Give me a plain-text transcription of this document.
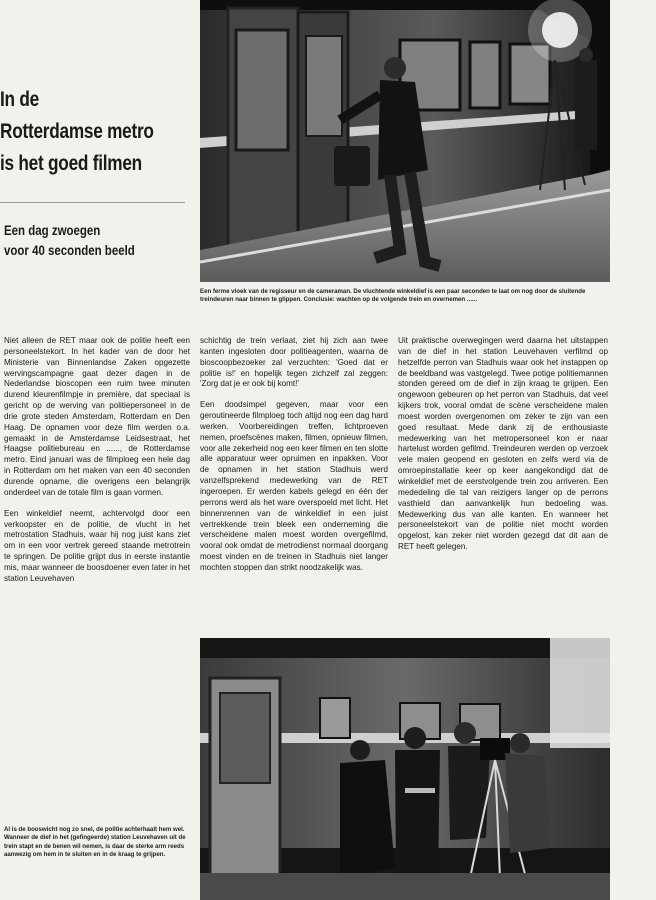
In de
Rotterdamse metro
is het goed filmen
Een dag zwoegen
voor 40 seconden beeld
Een ferme vloek van de regisseur en de cameraman. De vluchtende winkeldief is een paar seconden te laat om nog door de sluitende treindeuren naar binnen te glippen. Conclusie: wachten op de volgende trein en overnemen ......

Niet alleen de RET maar ook de politie heeft een personeelstekort. In het kader van de door het Ministerie van Binnenlandse Zaken opgezette wervingscampagne gaat dezer dagen in de Nederlandse bioscopen een ruim twee minuten durend kleurenfilmpje in première, dat speciaal is gericht op de werving van politiepersoneel in de drie grote steden Amsterdam, Rotterdam en Den Haag. De opnamen voor deze film werden o.a. gemaakt in de Amsterdamse Leidsestraat, het Haagse politiebureau en ......, de Rotterdamse metro. Eind januari was de filmploeg een hele dag in Rotterdam om het maken van een 40 seconden durende opname, die overigens een belangrijk onderdeel van de totale film is gaan vormen.

Een winkeldief neemt, achtervolgd door een verkoopster en de politie, de vlucht in het metrostation Stadhuis, waar hij nog juist kans ziet om in een voor vertrek gereed staande metrotrein te springen. De politie grijpt dus in eerste instantie mis, maar wanneer de boosdoener even later in het station Leuvehaven

schichtig de trein verlaat, ziet hij zich aan twee kanten ingesloten door politieagenten, waarna de bioscoopbezoeker zal verzuchten: 'Goed dat er politie is!' en hopelijk tegen zichzelf zal zeggen: 'Zorg dat je er ook bij komt!'

Een doodsimpel gegeven, maar voor een geroutineerde filmploeg toch altijd nog een dag hard werken. Voorbereidingen treffen, lichtproeven nemen, proefscènes maken, filmen, opnieuw filmen, voor alle zekerheid nog een keer filmen en ten slotte alle apparatuur weer opruimen en inpakken. Voor de opnamen in het station Stadhuis werd vanzelfsprekend medewerking van de RET ingeroepen. Er werden kabels gelegd en één der perrons werd als het ware overspoeld met licht. Het binnenrennen van de winkeldief in een juist vertrekkende trein bleek een onderneming die verscheidene malen moest worden overgefilmd, vooral ook omdat de metrodienst normaal doorgang moest vinden en de treinen in Stadhuis niet langer mochten stoppen dan strikt noodzakelijk was.

Uit praktische overwegingen werd daarna het uitstappen van de dief in het station Leuvehaven verfilmd op hetzelfde perron van Stadhuis waar ook het instappen op de beeldband was vastgelegd. Twee potige politiemannen stonden gereed om de dief in zijn kraag te grijpen. Een ongewoon gebeuren op het perron van Stadhuis, dat veel kijkers trok, vooral omdat de scène verscheidene malen moest worden overgenomen om zeker te zijn van een goed resultaat. Mede dank zij de enthousiaste medewerking van het metropersoneel kon er naar hartelust worden gefilmd. Treindeuren werden op verzoek vele malen geopend en gesloten en zelfs werd via de omroepinstallatie keer op keer aangekondigd dat de winkeldief met de eerstvolgende trein zou arriveren. Een mededeling die tal van reizigers langer op de perrons vasthield dan aanvankelijk hun bedoeling was. Medewerking dus van alle kanten. En wanneer het personeelstekort van de politie niet mocht worden opgelost, kan zeker niet worden gezegd dat dit aan de RET heeft gelegen.

Al is de booswicht nog zo snel, de politie achterhaalt hem wel. Wanneer de dief in het (gefingeerde) station Leuvehaven uit de trein stapt en de benen wil nemen, is daar de sterke arm reeds aanwezig om hem in te sluiten en in de kraag te grijpen.
